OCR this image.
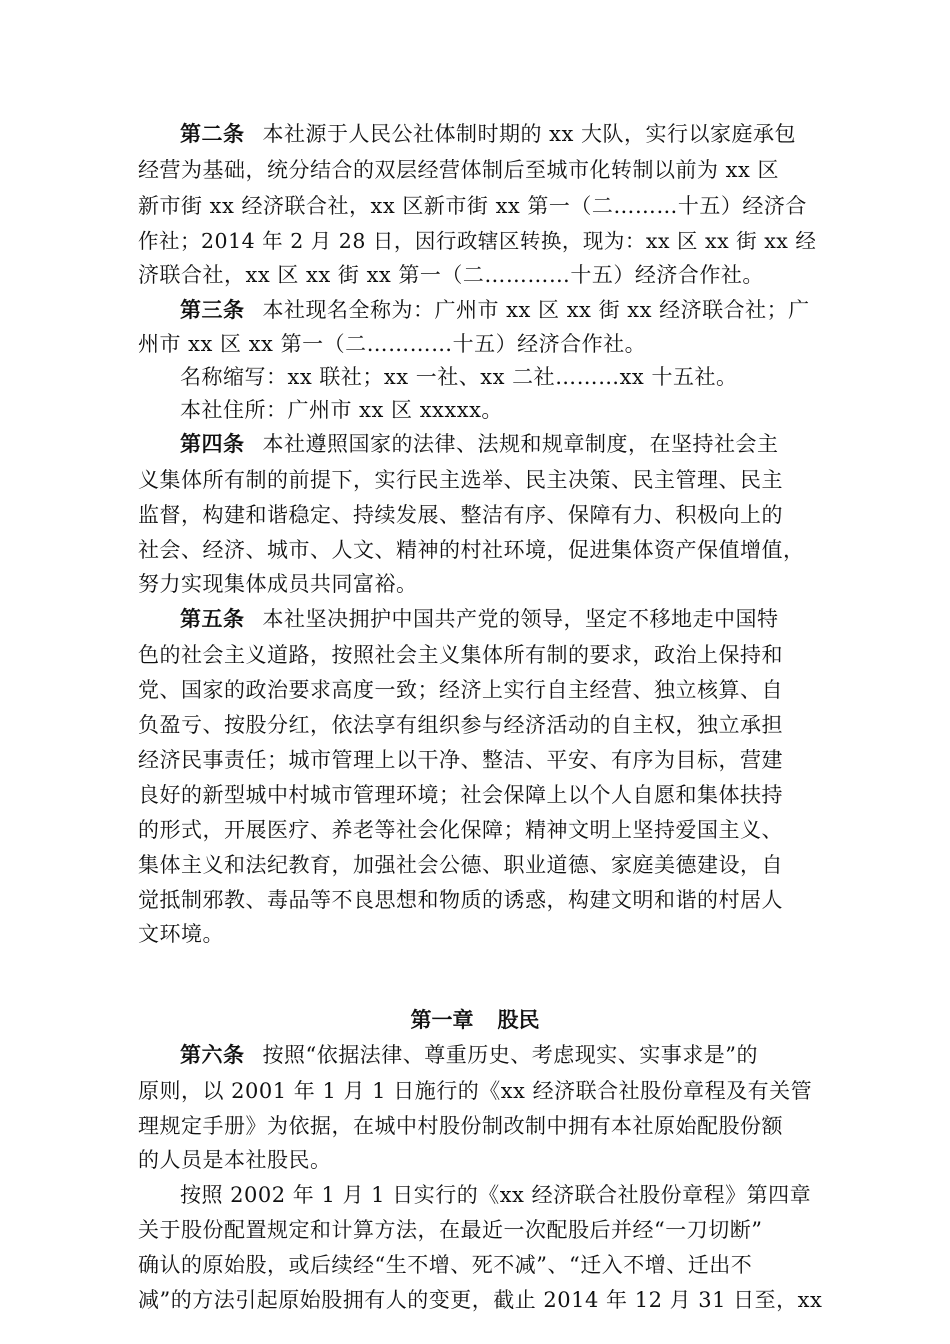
第二条 本社源于人民公社体制时期的 xx 大队，实行以家庭承包
经营为基础，统分结合的双层经营体制后至城市化转制以前为 xx 区
新市街 xx 经济联合社，xx 区新市街 xx 第一（二………十五）经济合
作社；2014 年 2 月 28 日，因行政辖区转换，现为：xx 区 xx 街 xx 经
济联合社，xx 区 xx 街 xx 第一（二…………十五）经济合作社。
第三条 本社现名全称为：广州市 xx 区 xx 街 xx 经济联合社；广
州市 xx 区 xx 第一（二…………十五）经济合作社。
名称缩写：xx 联社；xx 一社、xx 二社………xx 十五社。
本社住所：广州市 xx 区 xxxxx。
第四条 本社遵照国家的法律、法规和规章制度，在坚持社会主
义集体所有制的前提下，实行民主选举、民主决策、民主管理、民主
监督，构建和谐稳定、持续发展、整洁有序、保障有力、积极向上的
社会、经济、城市、人文、精神的村社环境，促进集体资产保值增值，
努力实现集体成员共同富裕。
第五条 本社坚决拥护中国共产党的领导，坚定不移地走中国特
色的社会主义道路，按照社会主义集体所有制的要求，政治上保持和
党、国家的政治要求高度一致；经济上实行自主经营、独立核算、自
负盈亏、按股分红，依法享有组织参与经济活动的自主权，独立承担
经济民事责任；城市管理上以干净、整洁、平安、有序为目标，营建
良好的新型城中村城市管理环境；社会保障上以个人自愿和集体扶持
的形式，开展医疗、养老等社会化保障；精神文明上坚持爱国主义、
集体主义和法纪教育，加强社会公德、职业道德、家庭美德建设，自
觉抵制邪教、毒品等不良思想和物质的诱惑，构建文明和谐的村居人
文环境。
第一章 股民
第六条 按照“依据法律、尊重历史、考虑现实、实事求是”的
原则，以 2001 年 1 月 1 日施行的《xx 经济联合社股份章程及有关管
理规定手册》为依据，在城中村股份制改制中拥有本社原始配股份额
的人员是本社股民。
按照 2002 年 1 月 1 日实行的《xx 经济联合社股份章程》第四章
关于股份配置规定和计算方法，在最近一次配股后并经“一刀切断”
确认的原始股，或后续经“生不增、死不减”、“迁入不增、迁出不
减”的方法引起原始股拥有人的变更，截止 2014 年 12 月 31 日至，xx
